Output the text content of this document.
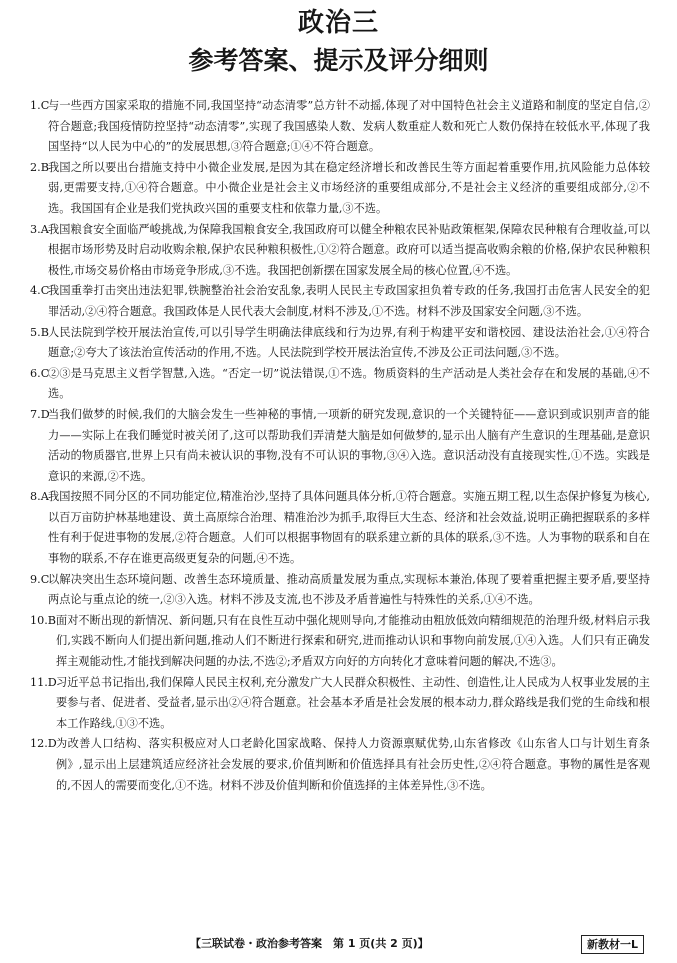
政治三
参考答案、提示及评分细则
1.C
与一些西方国家采取的措施不同,我国坚持“动态清零”总方针不动摇,体现了对中国特色社会主义道路和制度的坚定自信,②符合题意;我国疫情防控坚持“动态清零”,实现了我国感染人数、发病人数重症人数和死亡人数仍保持在较低水平,体现了我国坚持“以人民为中心的”的发展思想,③符合题意;①④不符合题意。
2.B 我国之所以要出台措施支持中小微企业发展,是因为其在稳定经济增长和改善民生等方面起着重要作用,抗风险能力总体较弱,更需要支持,①④符合题意。中小微企业是社会主义市场经济的重要组成部分,不是社会主义经济的重要组成部分,②不选。我国国有企业是我们党执政兴国的重要支柱和依靠力量,③不选。
3.A 我国粮食安全面临严峻挑战,为保障我国粮食安全,我国政府可以健全种粮农民补贴政策框架,保障农民种粮有合理收益,可以根据市场形势及时启动收购余粮,保护农民种粮积极性,①②符合题意。政府可以适当提高收购余粮的价格,保护农民种粮积极性,市场交易价格由市场竞争形成,③不选。我国把创新摆在国家发展全局的核心位置,④不选。
4.C
我国重拳打击突出违法犯罪,铁腕整治社会治安乱象,表明人民民主专政国家担负着专政的任务,我国打击危害人民安全的犯罪活动,②④符合题意。我国政体是人民代表大会制度,材料不涉及,①不选。材料不涉及国家安全问题,③不选。
5.B 人民法院到学校开展法治宣传,可以引导学生明确法律底线和行为边界,有利于构建平安和谐校园、建设法治社会,①④符合题意;②夸大了该法治宣传活动的作用,不选。人民法院到学校开展法治宣传,不涉及公正司法问题,③不选。
6.C
②③是马克思主义哲学智慧,入选。“否定一切”说法错误,①不选。物质资料的生产活动是人类社会存在和发展的基础,④不选。
7.D
当我们做梦的时候,我们的大脑会发生一些神秘的事情,一项新的研究发现,意识的一个关键特征——意识到或识别声音的能力——实际上在我们睡觉时被关闭了,这可以帮助我们弄清楚大脑是如何做梦的,显示出人脑有产生意识的生理基础,是意识活动的物质器官,世界上只有尚未被认识的事物,没有不可认识的事物,③④入选。意识活动没有直接现实性,①不选。实践是意识的来源,②不选。
8.A 我国按照不同分区的不同功能定位,精准治沙,坚持了具体问题具体分析,①符合题意。实施五期工程,以生态保护修复为核心,以百万亩防护林基地建设、黄土高原综合治理、精准治沙为抓手,取得巨大生态、经济和社会效益,说明正确把握联系的多样性有利于促进事物的发展,②符合题意。人们可以根据事物固有的联系建立新的具体的联系,③不选。人为事物的联系和自在事物的联系,不存在谁更高级更复杂的问题,④不选。
9.C
以解决突出生态环境问题、改善生态环境质量、推动高质量发展为重点,实现标本兼治,体现了要着重把握主要矛盾,要坚持两点论与重点论的统一,②③入选。材料不涉及支流,也不涉及矛盾普遍性与特殊性的关系,①④不选。
10.B 面对不断出现的新情况、新问题,只有在良性互动中强化规则导向,才能推动由粗放低效向精细规范的治理升级,材料启示我们,实践不断向人们提出新问题,推动人们不断进行探索和研究,进而推动认识和事物向前发展,①④入选。人们只有正确发挥主观能动性,才能找到解决问题的办法,不选②;矛盾双方向好的方向转化才意味着问题的解决,不选③。
11.D 习近平总书记指出,我们保障人民民主权利,充分激发广大人民群众积极性、主动性、创造性,让人民成为人权事业发展的主要参与者、促进者、受益者,显示出②④符合题意。社会基本矛盾是社会发展的根本动力,群众路线是我们党的生命线和根本工作路线,①③不选。
12.D 为改善人口结构、落实积极应对人口老龄化国家战略、保持人力资源禀赋优势,山东省修改《山东省人口与计划生育条例》,显示出上层建筑适应经济社会发展的要求,价值判断和价值选择具有社会历史性,②④符合题意。事物的属性是客观的,不因人的需要而变化,①不选。材料不涉及价值判断和价值选择的主体差异性,③不选。
【三联试卷・政治参考答案　第 1 页(共 2 页)】	新教材一L
